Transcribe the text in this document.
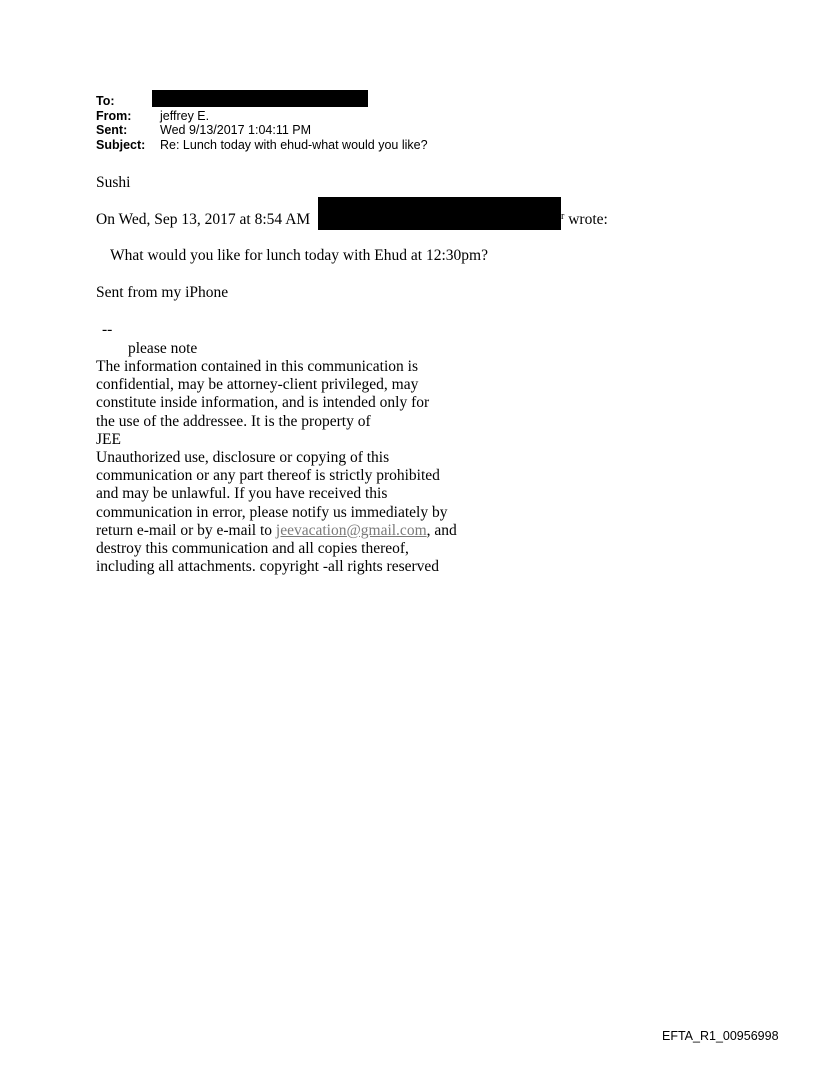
To:
From:	jeffrey E.
Sent:	Wed 9/13/2017 1:04:11 PM
Subject:	Re: Lunch today with ehud-what would you like?
Sushi
On Wed, Sep 13, 2017 at 8:54 AM	$^r$ wrote:
What would you like for lunch today with Ehud at 12:30pm?
Sent from my iPhone
--
please note
The information contained in this communication is
confidential, may be attorney-client privileged, may
constitute inside information, and is intended only for
the use of the addressee. It is the property of
JEE
Unauthorized use, disclosure or copying of this
communication or any part thereof is strictly prohibited
and may be unlawful. If you have received this
communication in error, please notify us immediately by
return e-mail or by e-mail to jeevacation@gmail.com, and
destroy this communication and all copies thereof,
including all attachments. copyright -all rights reserved
EFTA_R1_00956998
